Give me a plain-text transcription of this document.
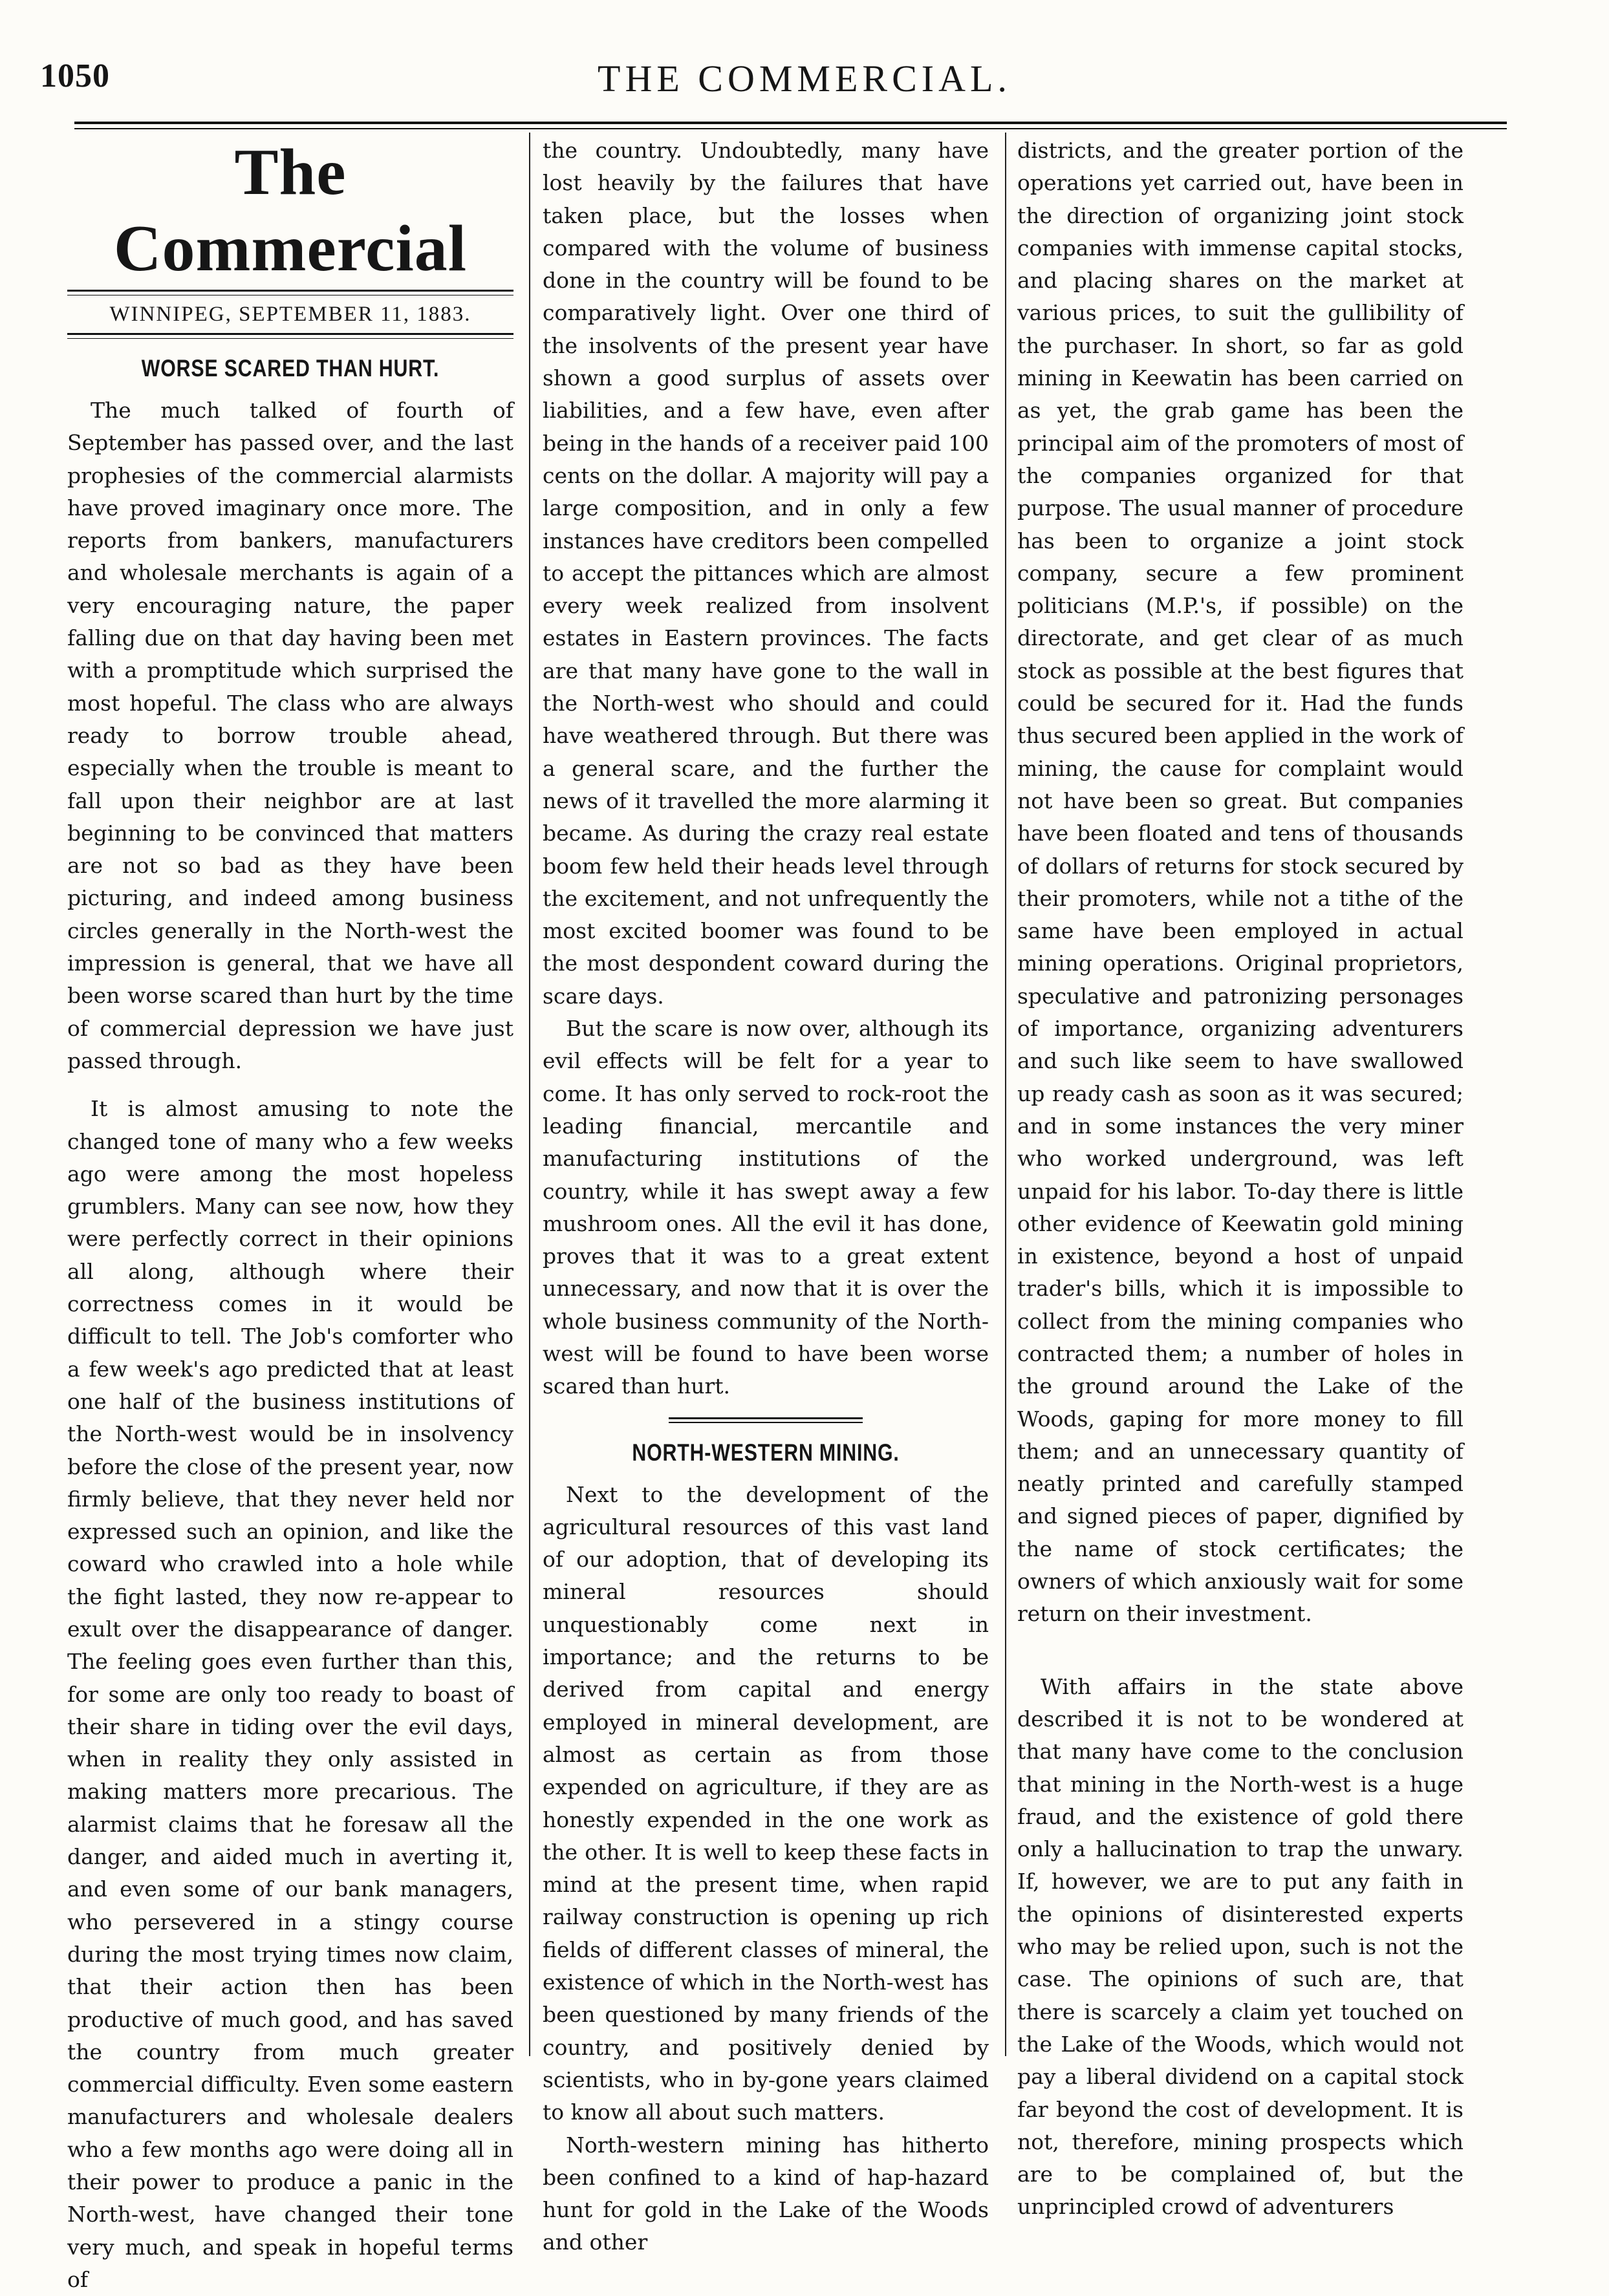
1050	THE COMMERCIAL.
The Commercial
WINNIPEG, SEPTEMBER 11, 1883.
WORSE SCARED THAN HURT.

The much talked of fourth of September has passed over, and the last prophesies of the commercial alarmists have proved imaginary once more. The reports from bankers, manufacturers and wholesale merchants is again of a very encouraging nature, the paper falling due on that day having been met with a promptitude which surprised the most hopeful. The class who are always ready to borrow trouble ahead, especially when the trouble is meant to fall upon their neighbor are at last beginning to be convinced that matters are not so bad as they have been picturing, and indeed among business circles generally in the North-west the impression is general, that we have all been worse scared than hurt by the time of commercial depression we have just passed through.

It is almost amusing to note the changed tone of many who a few weeks ago were among the most hopeless grumblers. Many can see now, how they were perfectly correct in their opinions all along, although where their correctness comes in it would be difficult to tell. The Job's comforter who a few week's ago predicted that at least one half of the business institutions of the North-west would be in insolvency before the close of the present year, now firmly believe, that they never held nor expressed such an opinion, and like the coward who crawled into a hole while the fight lasted, they now re-appear to exult over the disappearance of danger. The feeling goes even further than this, for some are only too ready to boast of their share in tiding over the evil days, when in reality they only assisted in making matters more precarious. The alarmist claims that he foresaw all the danger, and aided much in averting it, and even some of our bank managers, who persevered in a stingy course during the most trying times now claim, that their action then has been productive of much good, and has saved the country from much greater commercial difficulty. Even some eastern manufacturers and wholesale dealers who a few months ago were doing all in their power to produce a panic in the North-west, have changed their tone very much, and speak in hopeful terms of

the country. Undoubtedly, many have lost heavily by the failures that have taken place, but the losses when compared with the volume of business done in the country will be found to be comparatively light. Over one third of the insolvents of the present year have shown a good surplus of assets over liabilities, and a few have, even after being in the hands of a receiver paid 100 cents on the dollar. A majority will pay a large composition, and in only a few instances have creditors been compelled to accept the pittances which are almost every week realized from insolvent estates in Eastern provinces. The facts are that many have gone to the wall in the North-west who should and could have weathered through. But there was a general scare, and the further the news of it travelled the more alarming it became. As during the crazy real estate boom few held their heads level through the excitement, and not unfrequently the most excited boomer was found to be the most despondent coward during the scare days.

But the scare is now over, although its evil effects will be felt for a year to come. It has only served to rock-root the leading financial, mercantile and manufacturing institutions of the country, while it has swept away a few mushroom ones. All the evil it has done, proves that it was to a great extent unnecessary, and now that it is over the whole business community of the North-west will be found to have been worse scared than hurt.

NORTH-WESTERN MINING.

Next to the development of the agricultural resources of this vast land of our adoption, that of developing its mineral resources should unquestionably come next in importance; and the returns to be derived from capital and energy employed in mineral development, are almost as certain as from those expended on agriculture, if they are as honestly expended in the one work as the other. It is well to keep these facts in mind at the present time, when rapid railway construction is opening up rich fields of different classes of mineral, the existence of which in the North-west has been questioned by many friends of the country, and positively denied by scientists, who in by-gone years claimed to know all about such matters.

North-western mining has hitherto been confined to a kind of hap-hazard hunt for gold in the Lake of the Woods and other

districts, and the greater portion of the operations yet carried out, have been in the direction of organizing joint stock companies with immense capital stocks, and placing shares on the market at various prices, to suit the gullibility of the purchaser. In short, so far as gold mining in Keewatin has been carried on as yet, the grab game has been the principal aim of the promoters of most of the companies organized for that purpose. The usual manner of procedure has been to organize a joint stock company, secure a few prominent politicians (M.P.'s, if possible) on the directorate, and get clear of as much stock as possible at the best figures that could be secured for it. Had the funds thus secured been applied in the work of mining, the cause for complaint would not have been so great. But companies have been floated and tens of thousands of dollars of returns for stock secured by their promoters, while not a tithe of the same have been employed in actual mining operations. Original proprietors, speculative and patronizing personages of importance, organizing adventurers and such like seem to have swallowed up ready cash as soon as it was secured; and in some instances the very miner who worked underground, was left unpaid for his labor. To-day there is little other evidence of Keewatin gold mining in existence, beyond a host of unpaid trader's bills, which it is impossible to collect from the mining companies who contracted them; a number of holes in the ground around the Lake of the Woods, gaping for more money to fill them; and an unnecessary quantity of neatly printed and carefully stamped and signed pieces of paper, dignified by the name of stock certificates; the owners of which anxiously wait for some return on their investment.

With affairs in the state above described it is not to be wondered at that many have come to the conclusion that mining in the North-west is a huge fraud, and the existence of gold there only a hallucination to trap the unwary. If, however, we are to put any faith in the opinions of disinterested experts who may be relied upon, such is not the case. The opinions of such are, that there is scarcely a claim yet touched on the Lake of the Woods, which would not pay a liberal dividend on a capital stock far beyond the cost of development. It is not, therefore, mining prospects which are to be complained of, but the unprincipled crowd of adventurers
